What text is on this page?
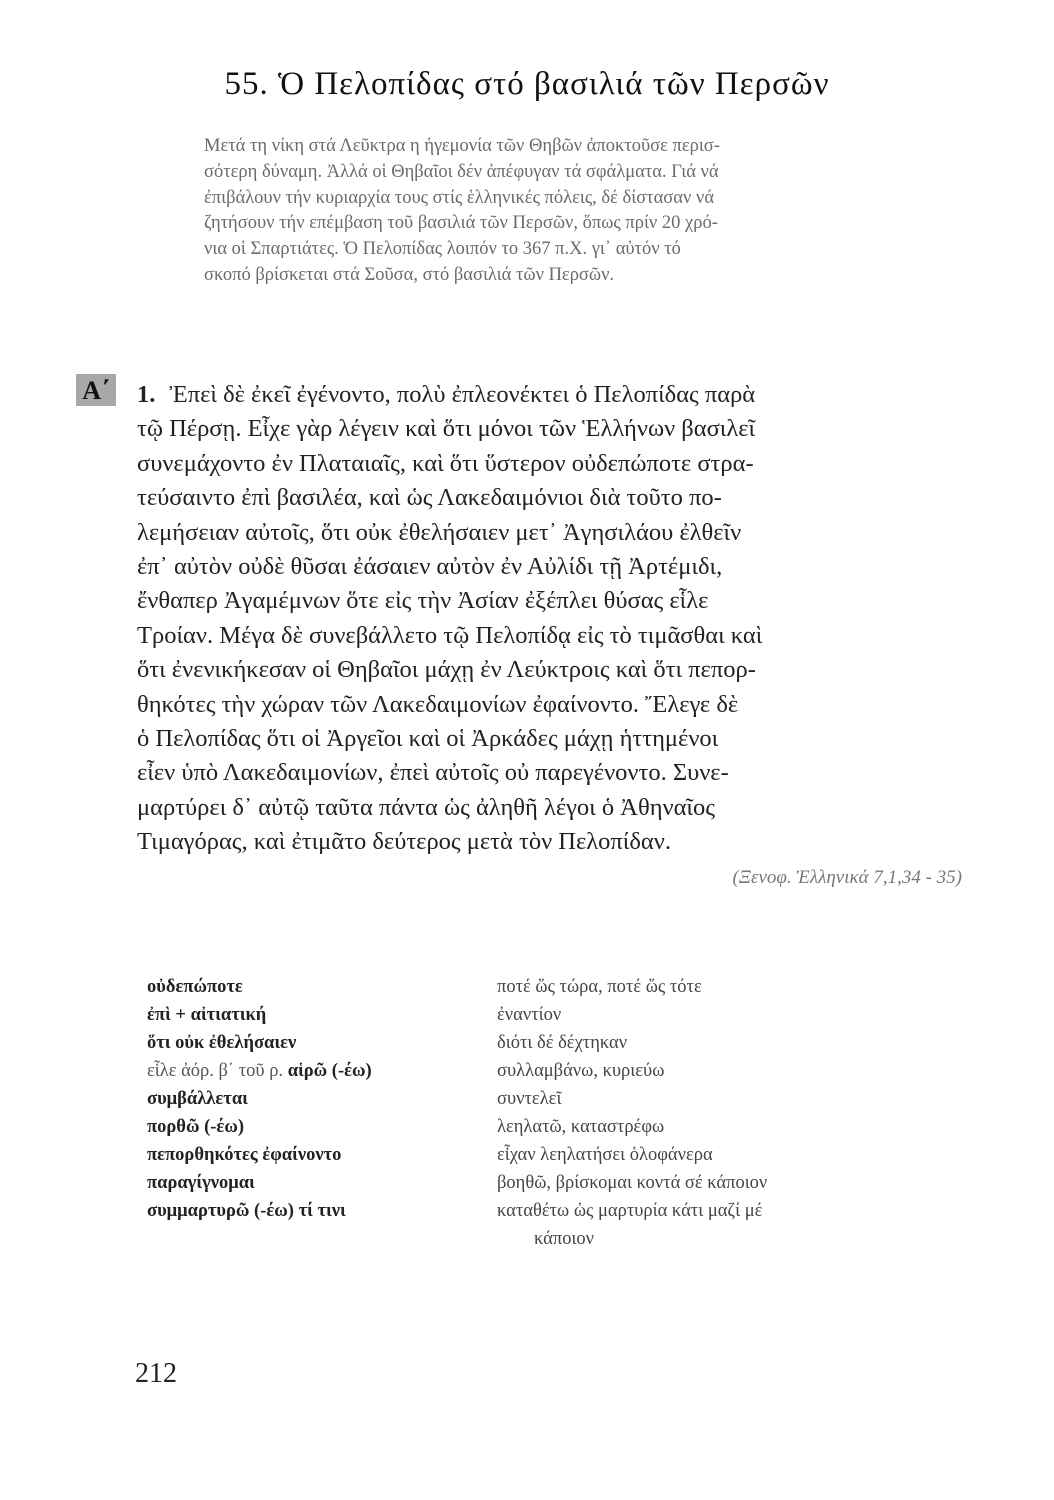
55. Ὁ Πελοπίδας στό βασιλιά τῶν Περσῶν
Μετά τη νίκη στά Λεῦκτρα η ἡγεμονία τῶν Θηβῶν ἀποκτοῦσε περισ-
σότερη δύναμη. Ἀλλά οἱ Θηβαῖοι δέν ἀπέφυγαν τά σφάλματα. Γιά νά
ἐπιβάλουν τήν κυριαρχία τους στίς ἑλληνικές πόλεις, δέ δίστασαν νά
ζητήσουν τήν επέμβαση τοῦ βασιλιά τῶν Περσῶν, ὅπως πρίν 20 χρό-
νια οἱ Σπαρτιάτες. Ὁ Πελοπίδας λοιπόν το 367 π.Χ. γι᾽ αὐτόν τό
σκοπό βρίσκεται στά Σοῦσα, στό βασιλιά τῶν Περσῶν.
Α΄ 1. Ἐπεὶ δὲ ἐκεῖ ἐγένοντο, πολὺ ἐπλεονέκτει ὁ Πελοπίδας παρὰ
τῷ Πέρσῃ. Εἶχε γὰρ λέγειν καὶ ὅτι μόνοι τῶν Ἑλλήνων βασιλεῖ
συνεμάχοντο ἐν Πλαταιαῖς, καὶ ὅτι ὕστερον οὐδεπώποτε στρα-
τεύσαιντο ἐπὶ βασιλέα, καὶ ὡς Λακεδαιμόνιοι διὰ τοῦτο πο-
λεμήσειαν αὐτοῖς, ὅτι οὐκ ἐθελήσαιεν μετ᾽ Ἀγησιλάου ἐλθεῖν
ἐπ᾽ αὐτὸν οὐδὲ θῦσαι ἐάσαιεν αὐτὸν ἐν Αὐλίδι τῇ Ἀρτέμιδι,
ἔνθαπερ Ἀγαμέμνων ὅτε εἰς τὴν Ἀσίαν ἐξέπλει θύσας εἷλε
Τροίαν. Μέγα δὲ συνεβάλλετο τῷ Πελοπίδᾳ εἰς τὸ τιμᾶσθαι καὶ
ὅτι ἐνενικήκεσαν οἱ Θηβαῖοι μάχῃ ἐν Λεύκτροις καὶ ὅτι πεπορ-
θηκότες τὴν χώραν τῶν Λακεδαιμονίων ἐφαίνοντο. Ἔλεγε δὲ
ὁ Πελοπίδας ὅτι οἱ Ἀργεῖοι καὶ οἱ Ἀρκάδες μάχῃ ἡττημένοι
εἶεν ὑπὸ Λακεδαιμονίων, ἐπεὶ αὐτοῖς οὐ παρεγένοντο. Συνε-
μαρτύρει δ᾽ αὐτῷ ταῦτα πάντα ὡς ἀληθῆ λέγοι ὁ Ἀθηναῖος
Τιμαγόρας, καὶ ἐτιμᾶτο δεύτερος μετὰ τὸν Πελοπίδαν.
(Ξενοφ. Ἑλληνικά 7,1,34 - 35)
οὐδεπώποτε	ποτέ ὥς τώρα, ποτέ ὥς τότε
ἐπὶ + αἰτιατική	ἐναντίον
ὅτι οὐκ ἐθελήσαιεν	διότι δέ δέχτηκαν
εἷλε ἀόρ. β΄ τοῦ ρ. αἱρῶ (-έω)	συλλαμβάνω, κυριεύω
συμβάλλεται	συντελεῖ
πορθῶ (-έω)	λεηλατῶ, καταστρέφω
πεπορθηκότες ἐφαίνοντο	εἶχαν λεηλατήσει ὁλοφάνερα
παραγίγνομαι	βοηθῶ, βρίσκομαι κοντά σέ κάποιον
συμμαρτυρῶ (-έω) τί τινι	καταθέτω ὡς μαρτυρία κάτι μαζί μέ
κάποιον
212
